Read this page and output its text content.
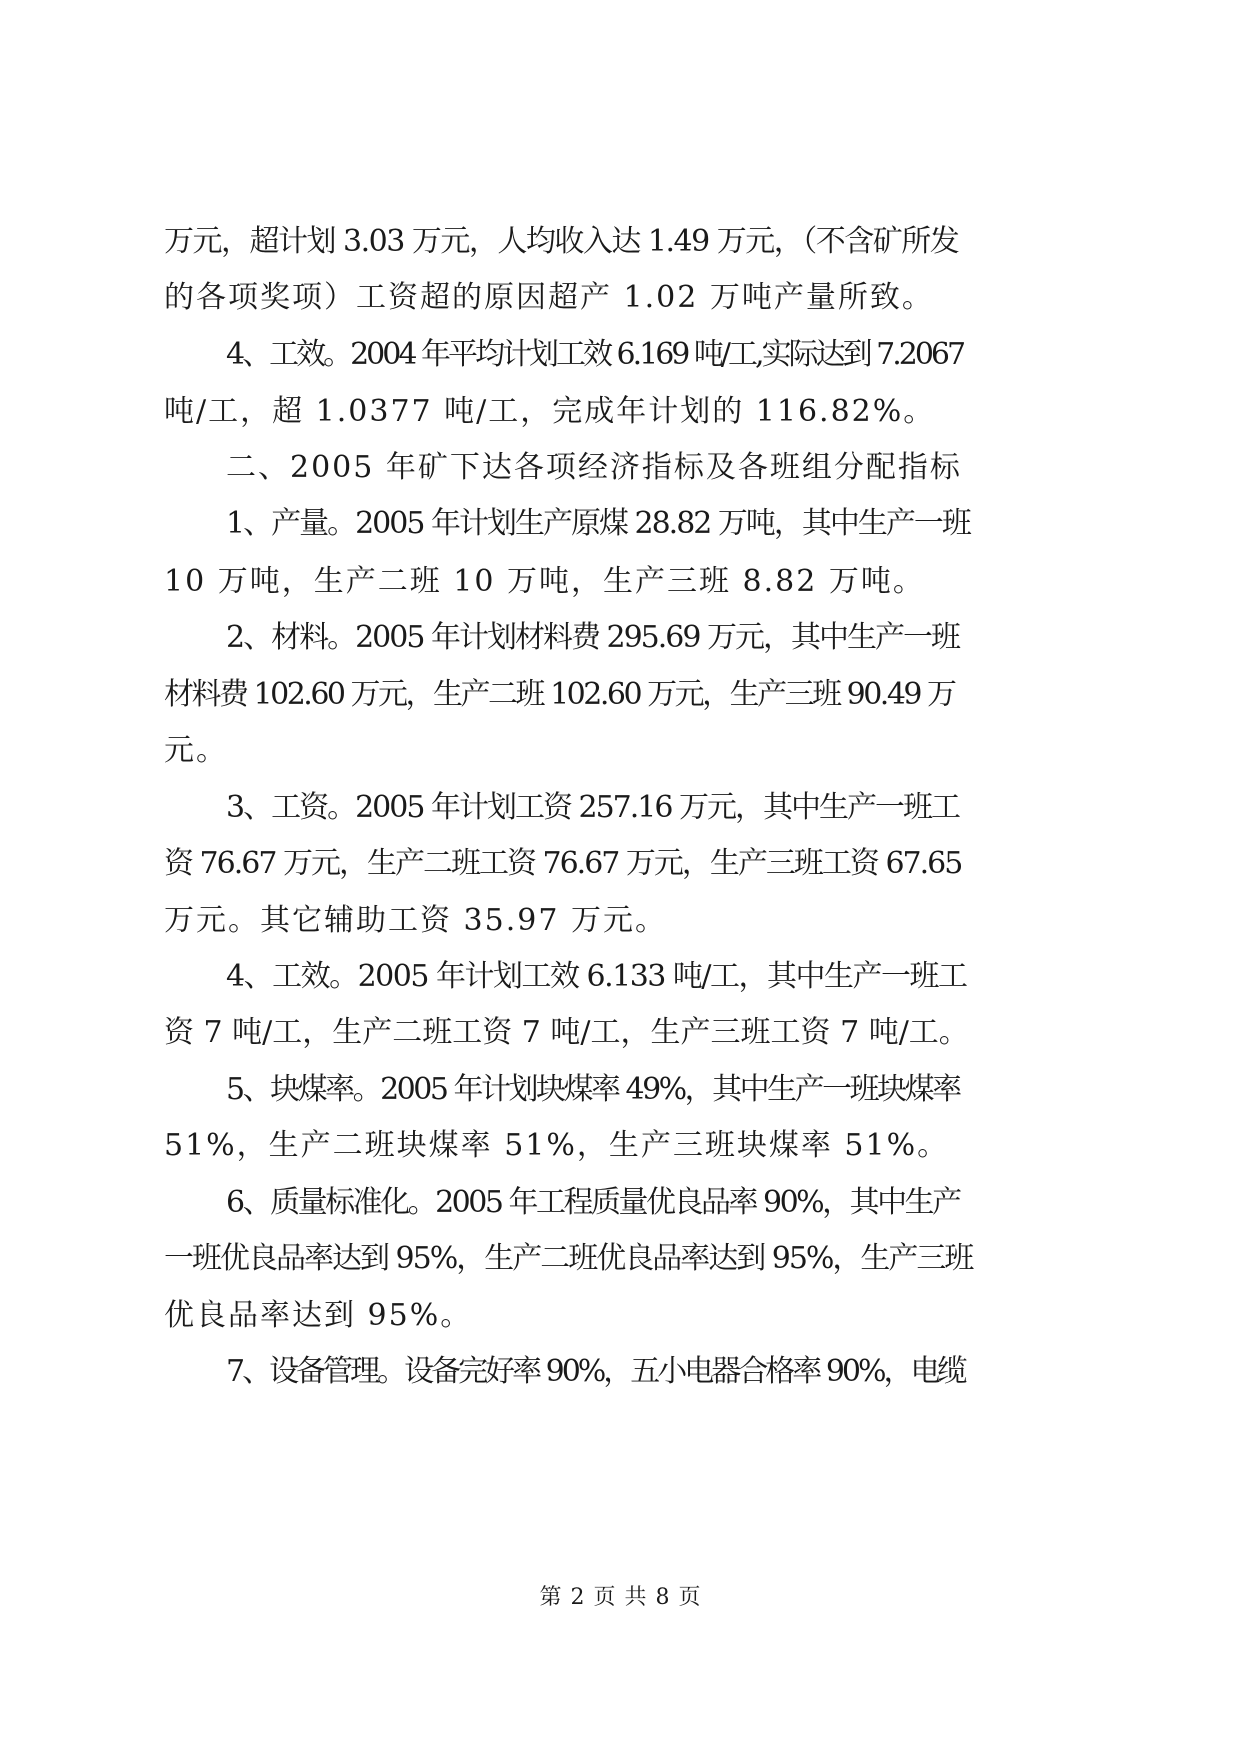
万元，超计划 3.03 万元，人均收入达 1.49 万元，（不含矿所发
的各项奖项）工资超的原因超产 1.02 万吨产量所致。
4、工效。2004 年平均计划工效 6.169 吨/工,实际达到 7.2067
吨/工，超 1.0377 吨/工，完成年计划的 116.82%。
二、2005 年矿下达各项经济指标及各班组分配指标
1、产量。2005 年计划生产原煤 28.82 万吨，其中生产一班
10 万吨，生产二班 10 万吨，生产三班 8.82 万吨。
2、材料。2005 年计划材料费 295.69 万元，其中生产一班
材料费 102.60 万元，生产二班 102.60 万元，生产三班 90.49 万
元。
3、工资。2005 年计划工资 257.16 万元，其中生产一班工
资 76.67 万元，生产二班工资 76.67 万元，生产三班工资 67.65
万元。其它辅助工资 35.97 万元。
4、工效。2005 年计划工效 6.133 吨/工，其中生产一班工
资 7 吨/工，生产二班工资 7 吨/工，生产三班工资 7 吨/工。
5、块煤率。2005 年计划块煤率 49%，其中生产一班块煤率
51%，生产二班块煤率 51%，生产三班块煤率 51%。
6、质量标准化。2005 年工程质量优良品率 90%，其中生产
一班优良品率达到 95%，生产二班优良品率达到 95%，生产三班
优良品率达到 95%。
7、设备管理。设备完好率 90%，五小电器合格率 90%，电缆
第 2 页 共 8 页
